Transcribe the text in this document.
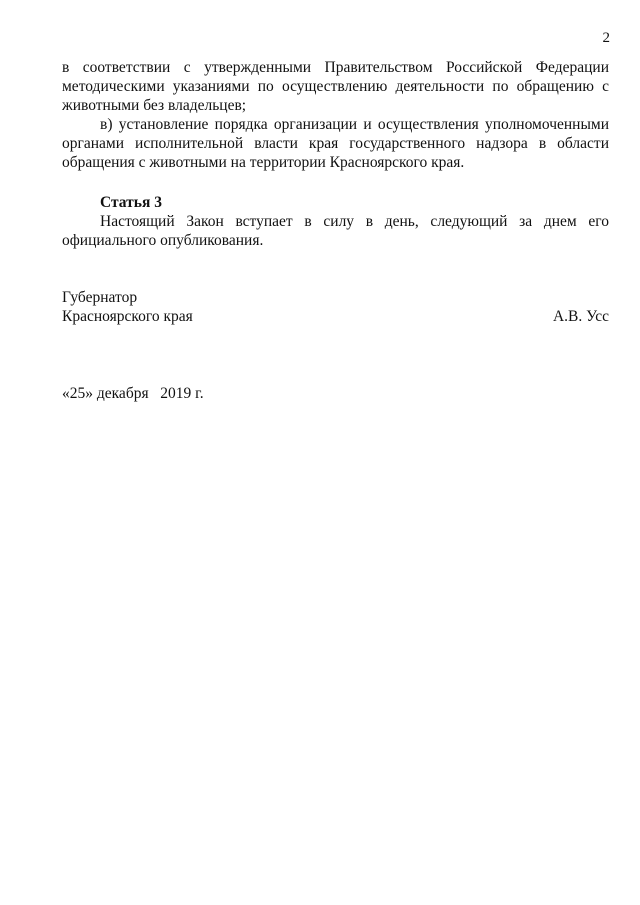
2

в соответствии с утвержденными Правительством Российской Федерации методическими указаниями по осуществлению деятельности по обращению с животными без владельцев;

в) установление порядка организации и осуществления уполномоченными органами исполнительной власти края государственного надзора в области обращения с животными на территории Красноярского края.

Статья 3

Настоящий Закон вступает в силу в день, следующий за днем его официального опубликования.

Губернатор
Красноярского края	А.В. Усс
«25» декабря   2019 г.
